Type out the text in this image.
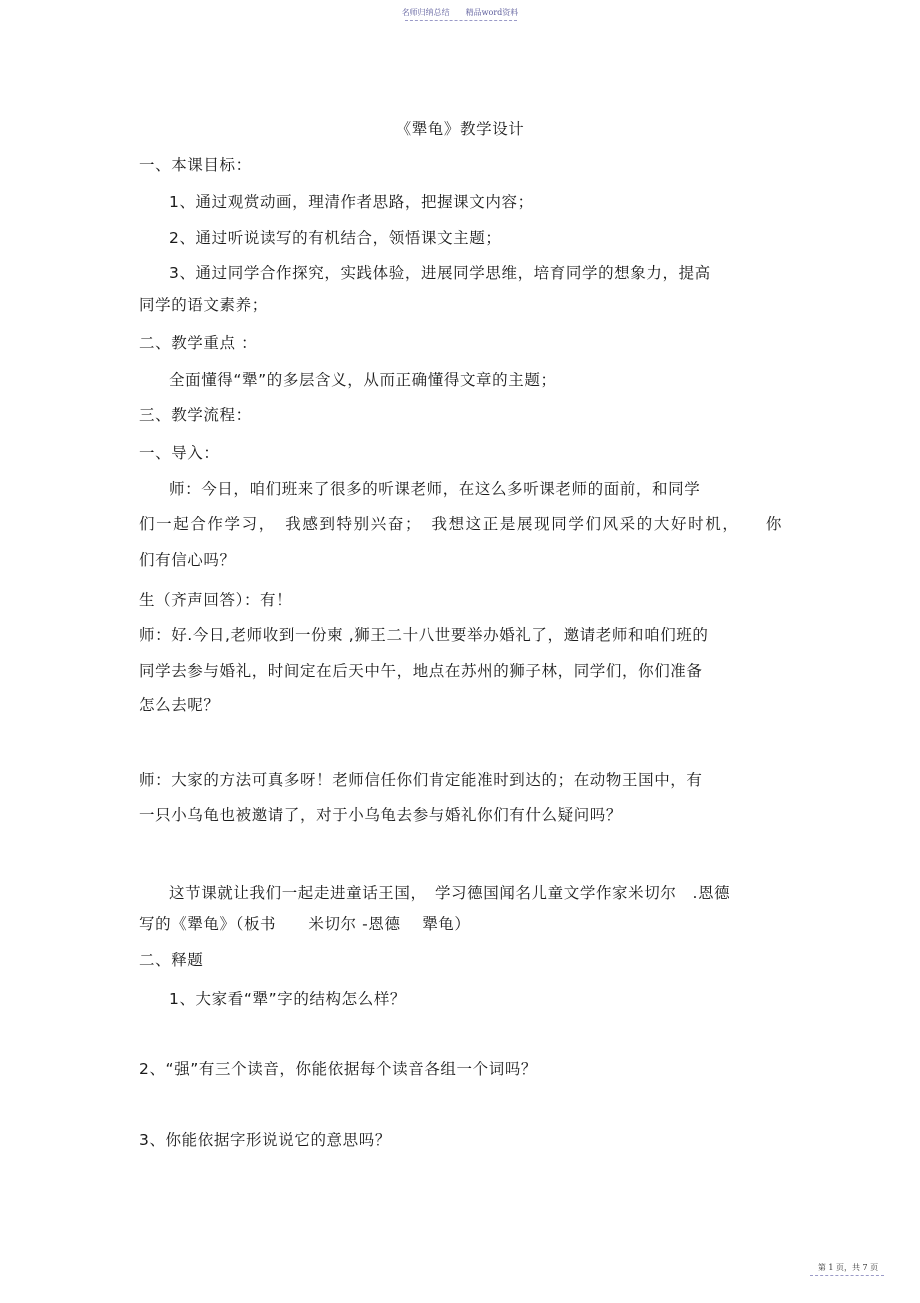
名师归纳总结　　精品word资料
《犟龟》教学设计
一、本课目标：
1、通过观赏动画，理清作者思路，把握课文内容；
2、通过听说读写的有机结合，领悟课文主题；
3、通过同学合作探究，实践体验，进展同学思维，培育同学的想象力，提高
同学的语文素养；
二、教学重点 ：
全面懂得“犟”的多层含义，从而正确懂得文章的主题；
三、教学流程：
一、导入：
师：今日，咱们班来了很多的听课老师，在这么多听课老师的面前，和同学
们一起合作学习，　我感到特别兴奋；　我想这正是展现同学们风采的大好时机，　　你
们有信心吗？
生（齐声回答）：有！
师：好.今日,老师收到一份柬 ,狮王二十八世要举办婚礼了，邀请老师和咱们班的
同学去参与婚礼，时间定在后天中午，地点在苏州的狮子林，同学们，你们准备
怎么去呢？
师：大家的方法可真多呀！老师信任你们肯定能准时到达的；在动物王国中，有
一只小乌龟也被邀请了，对于小乌龟去参与婚礼你们有什么疑问吗？
这节课就让我们一起走进童话王国，　学习德国闻名儿童文学作家米切尔　.恩德
写的《犟龟》（板书　　米切尔 -恩德　 犟龟）
二、释题
1、大家看“犟”字的结构怎么样？
2、“强”有三个读音，你能依据每个读音各组一个词吗？
3、你能依据字形说说它的意思吗？
第 1 页，共 7 页
